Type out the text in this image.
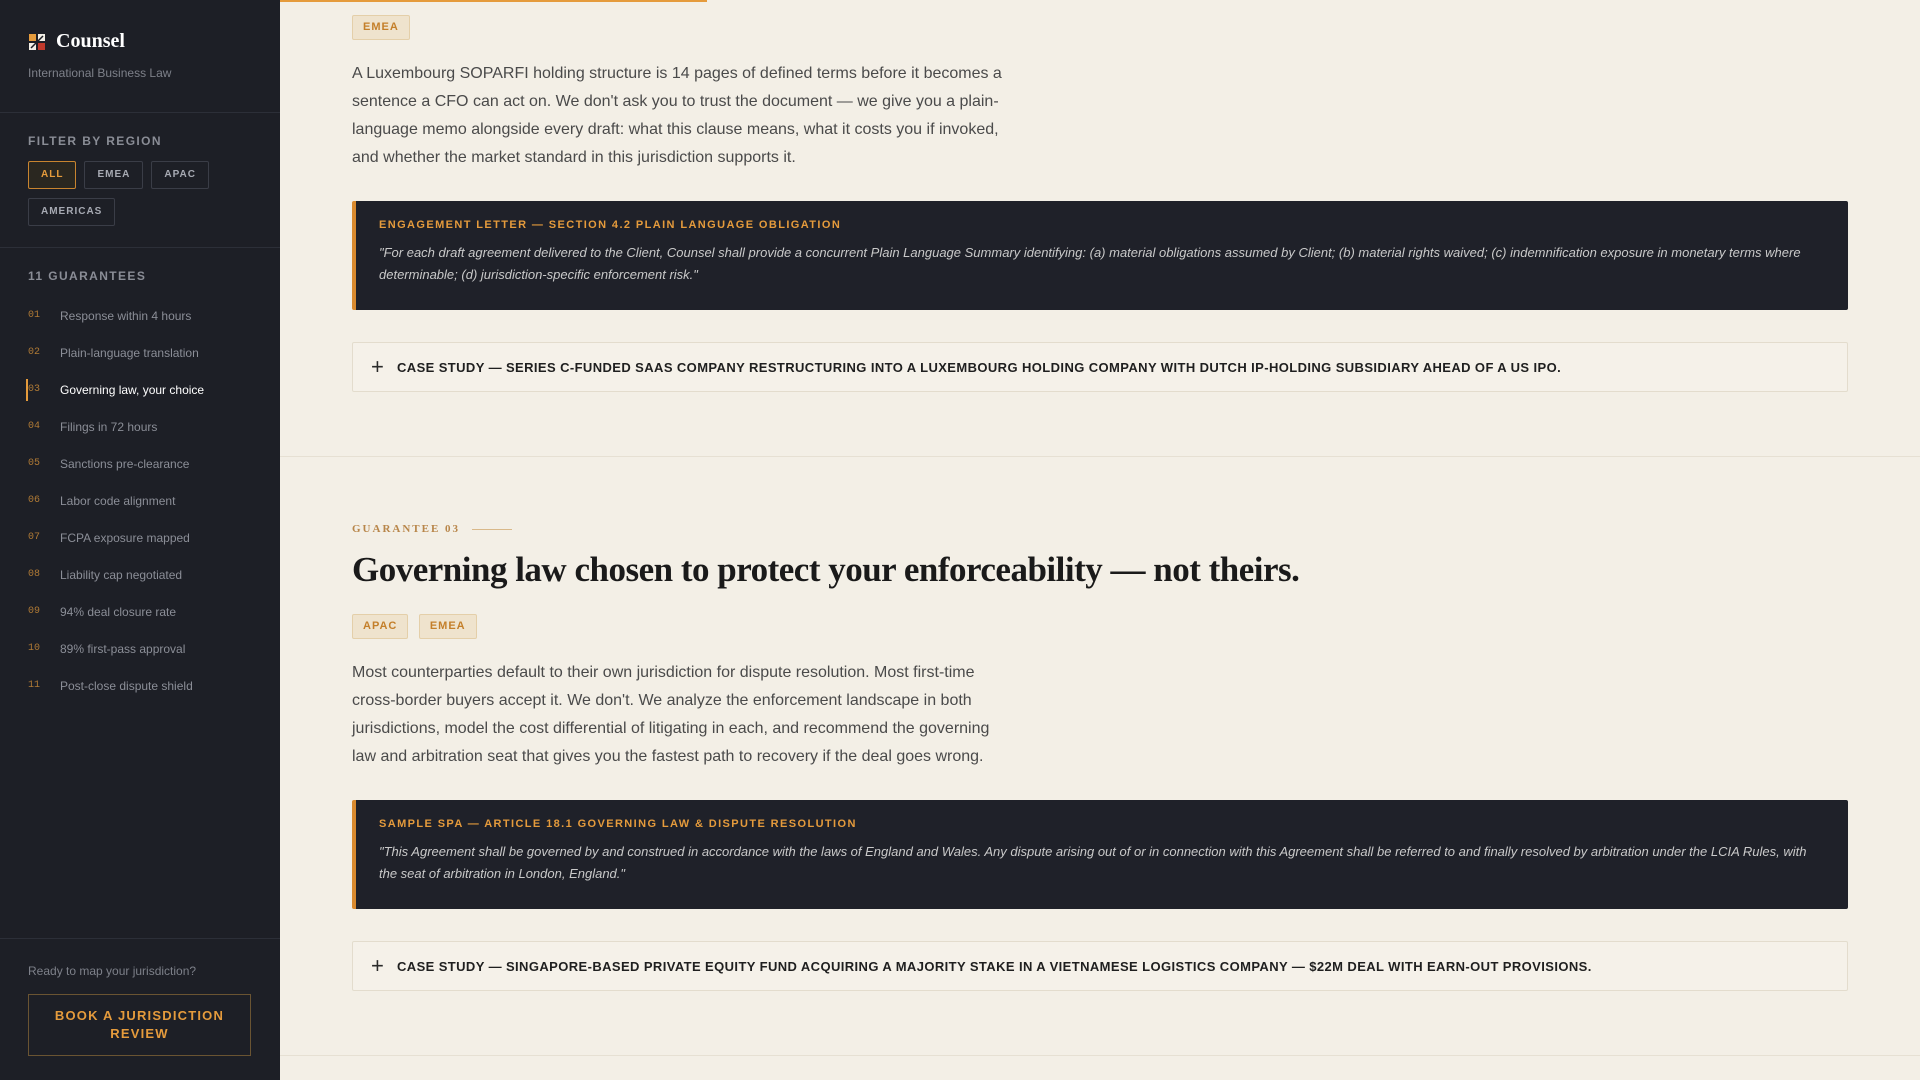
Counsel
International Business Law
FILTER BY REGION
ALL	EMEA	APAC
AMERICAS
11 GUARANTEES
01	Response within 4 hours
02	Plain-language translation
03	Governing law, your choice
04	Filings in 72 hours
05	Sanctions pre-clearance
06	Labor code alignment
07	FCPA exposure mapped
08	Liability cap negotiated
09	94% deal closure rate
10	89% first-pass approval
11	Post-close dispute shield
Ready to map your jurisdiction?
BOOK A JURISDICTION REVIEW
EMEA

A Luxembourg SOPARFI holding structure is 14 pages of defined terms before it becomes a sentence a CFO can act on. We don't ask you to trust the document — we give you a plain-language memo alongside every draft: what this clause means, what it costs you if invoked, and whether the market standard in this jurisdiction supports it.

ENGAGEMENT LETTER — SECTION 4.2 PLAIN LANGUAGE OBLIGATION
"For each draft agreement delivered to the Client, Counsel shall provide a concurrent Plain Language Summary identifying: (a) material obligations assumed by Client; (b) material rights waived; (c) indemnification exposure in monetary terms where determinable; (d) jurisdiction-specific enforcement risk."
+	CASE STUDY — SERIES C-FUNDED SAAS COMPANY RESTRUCTURING INTO A LUXEMBOURG HOLDING COMPANY WITH DUTCH IP-HOLDING SUBSIDIARY AHEAD OF A US IPO.
GUARANTEE 03
Governing law chosen to protect your enforceability — not theirs.
APAC	EMEA

Most counterparties default to their own jurisdiction for dispute resolution. Most first-time cross-border buyers accept it. We don't. We analyze the enforcement landscape in both jurisdictions, model the cost differential of litigating in each, and recommend the governing law and arbitration seat that gives you the fastest path to recovery if the deal goes wrong.

SAMPLE SPA — ARTICLE 18.1 GOVERNING LAW & DISPUTE RESOLUTION
"This Agreement shall be governed by and construed in accordance with the laws of England and Wales. Any dispute arising out of or in connection with this Agreement shall be referred to and finally resolved by arbitration under the LCIA Rules, with the seat of arbitration in London, England."
+	CASE STUDY — SINGAPORE-BASED PRIVATE EQUITY FUND ACQUIRING A MAJORITY STAKE IN A VIETNAMESE LOGISTICS COMPANY — $22M DEAL WITH EARN-OUT PROVISIONS.
